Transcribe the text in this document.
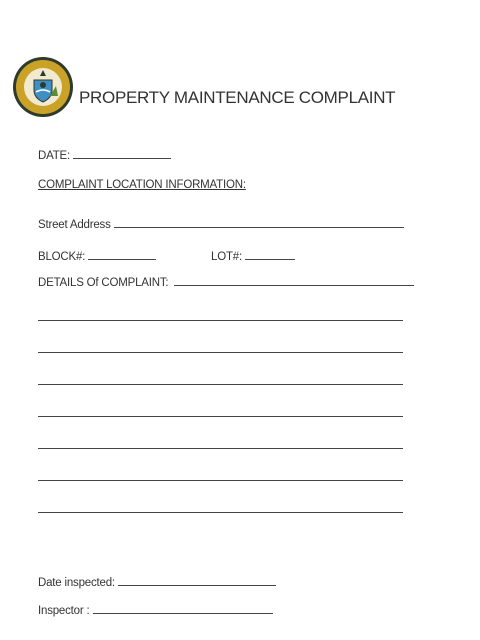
PROPERTY MAINTENANCE COMPLAINT
DATE:
COMPLAINT LOCATION INFORMATION:
Street Address
BLOCK#:	LOT#:
DETAILS Of COMPLAINT:
Date inspected:
Inspector :
